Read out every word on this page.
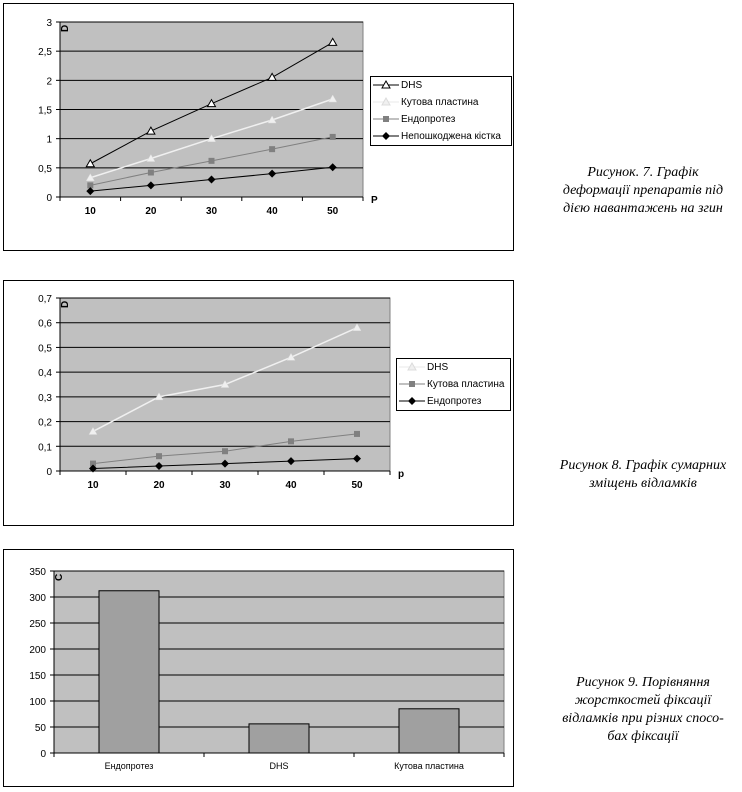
0
0,5
1
1,5
2
2,5
3
10	20	30	40	50
D
P
DHS
Кутова пластина
Ендопротез
Непошкоджена кістка
Рисунок. 7. Графік
деформації препаратів під
дією навантажень на згин
0
0,1
0,2
0,3
0,4
0,5
0,6
0,7
10	20	30	40	50
D
p
DHS
Кутова пластина
Ендопротез
Рисунок 8. Графік сумарних
зміщень відламків
0
50
100
150
200
250
300
350
Ендопротез	DHS	Кутова пластина
C
Рисунок 9. Порівняння
жорсткостей фіксації
відламків при різних спосо-
бах фіксації
